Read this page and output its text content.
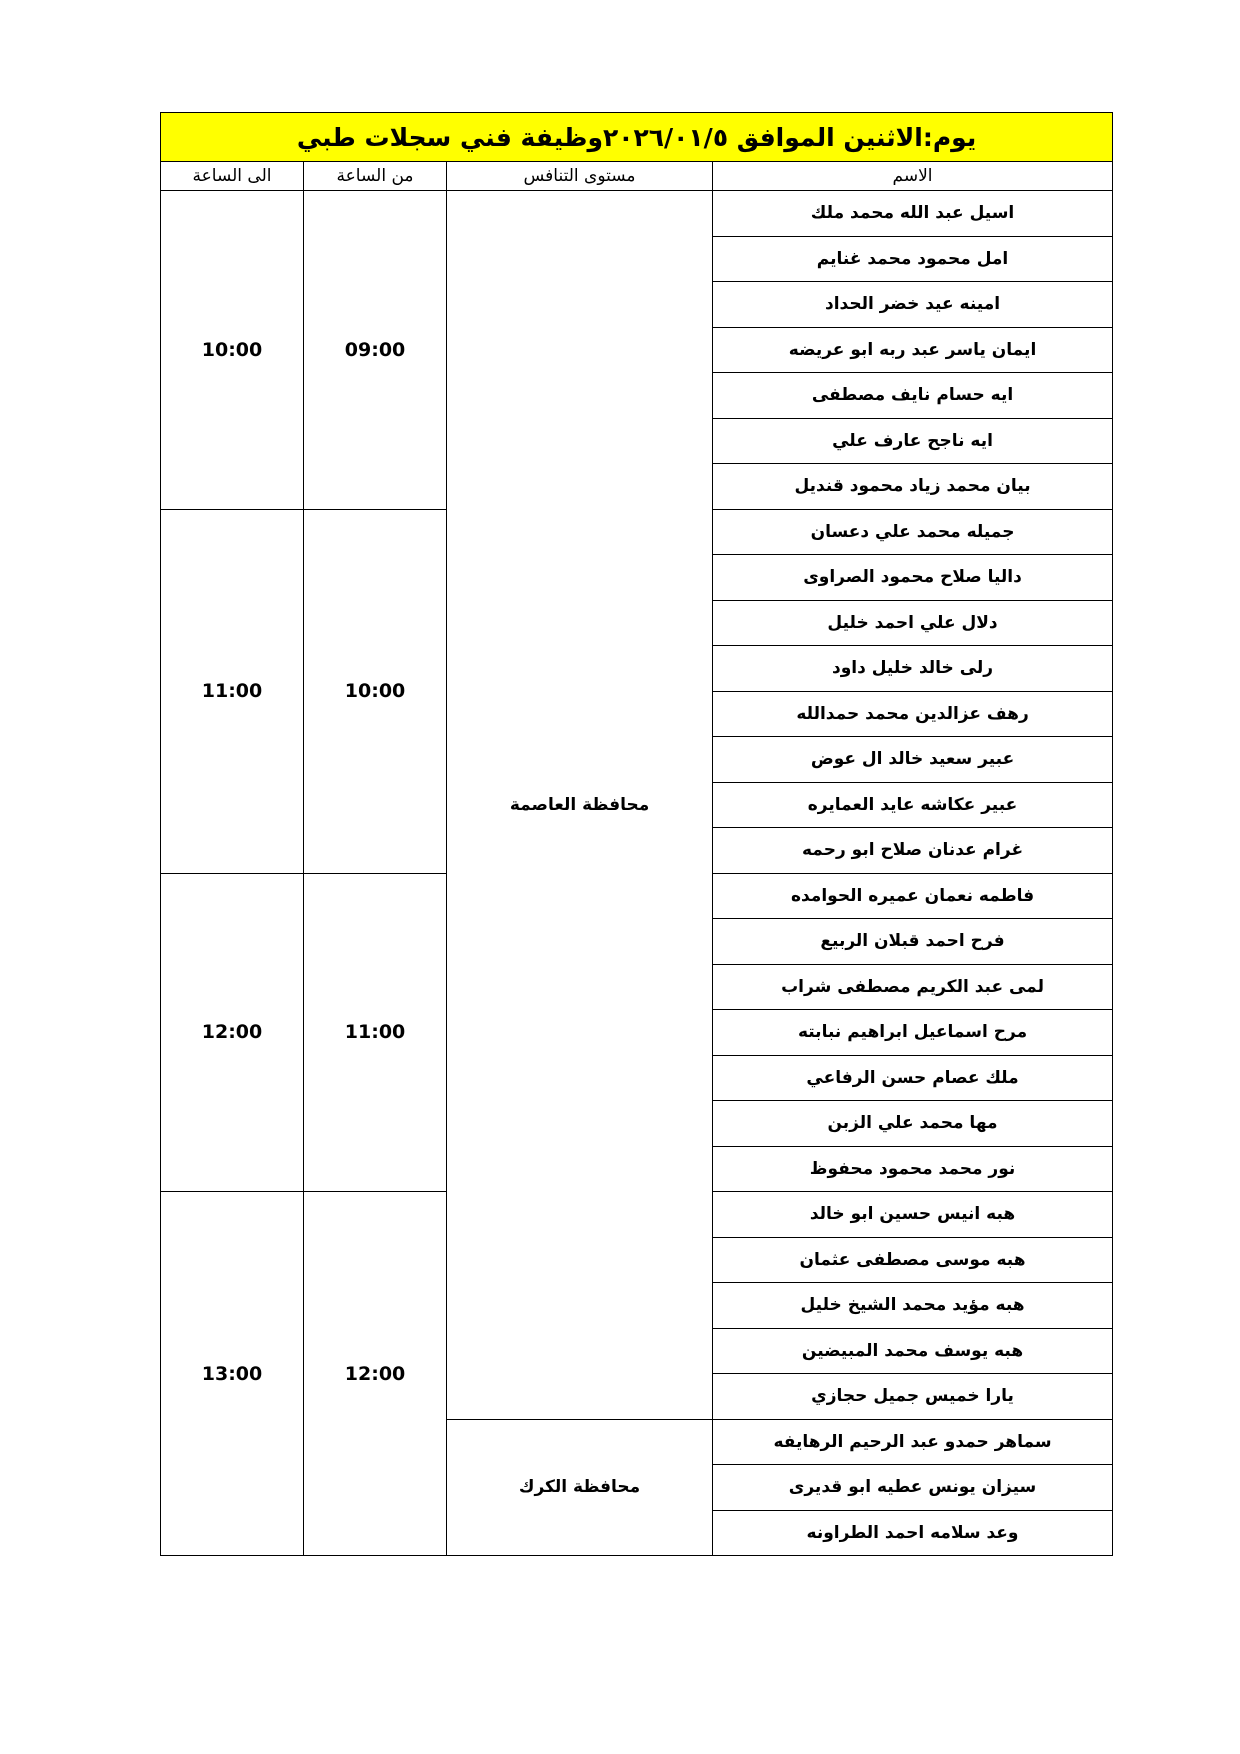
يوم:الاثنين الموافق ٢٠٢٦/٠١/٥وظيفة فني سجلات طبي			
الاسم	مستوى التنافس	من الساعة	الى الساعة
اسيل عبد الله محمد ملك	محافظة العاصمة	09:00	10:00
امل محمود محمد غنايم			
امينه عيد خضر الحداد			
ايمان ياسر عبد ربه ابو عريضه			
ايه حسام نايف مصطفى			
ايه ناجح عارف علي			
بيان محمد زياد محمود قنديل			
جميله محمد علي دعسان		10:00	11:00
داليا صلاح محمود الصراوى			
دلال علي احمد خليل			
رلى خالد خليل داود			
رهف عزالدين محمد حمدالله			
عبير سعيد خالد ال عوض			
عبير عكاشه عايد العمايره			
غرام عدنان صلاح ابو رحمه			
فاطمه نعمان عميره الحوامده		11:00	12:00
فرح احمد قبلان الربيع			
لمى عبد الكريم مصطفى شراب			
مرح اسماعيل ابراهيم نبابته			
ملك عصام حسن الرفاعي			
مها محمد علي الزبن			
نور محمد محمود محفوظ			
هبه انيس حسين ابو خالد		12:00	13:00
هبه موسى مصطفى عثمان			
هبه مؤيد محمد الشيخ خليل			
هبه يوسف محمد المبيضين			
يارا خميس جميل حجازي			
سماهر حمدو عبد الرحيم الرهايفه	محافظة الكرك		
سيزان يونس عطيه ابو قديرى			
وعد سلامه احمد الطراونه			
